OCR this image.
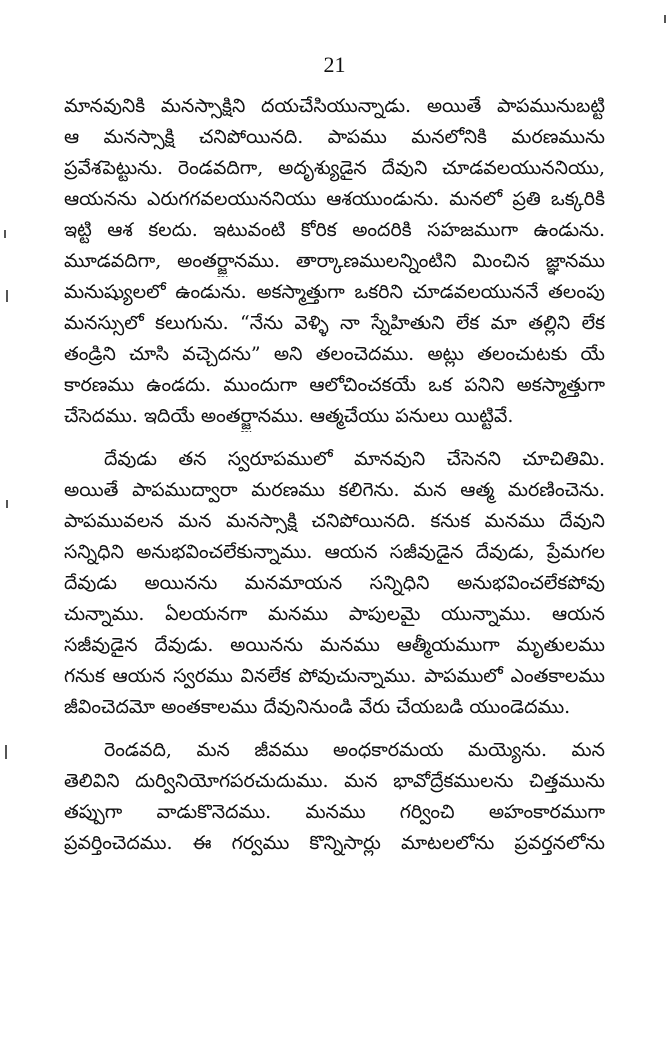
21
మానవునికి మనస్సాక్షిని దయచేసియున్నాడు. అయితే పాపమునుబట్టి
ఆ మనస్సాక్షి చనిపోయినది. పాపము మనలోనికి మరణమును
ప్రవేశపెట్టును. రెండవదిగా, అదృశ్యుడైన దేవుని చూడవలయుననియు,
ఆయనను ఎరుగగవలయుననియు ఆశయుండును. మనలో ప్రతి ఒక్కరికి
ఇట్టి ఆశ కలదు. ఇటువంటి కోరిక అందరికి సహజముగా ఉండును.
మూడవదిగా, అంతర్జ్ఞానము. తార్కాణములన్నింటిని మించిన జ్ఞానము
మనుష్యులలో ఉండును. అకస్మాత్తుగా ఒకరిని చూడవలయుననే తలంపు
మనస్సులో కలుగును. “నేను వెళ్ళి నా స్నేహితుని లేక మా తల్లిని లేక
తండ్రిని చూసి వచ్చెదను” అని తలంచెదము. అట్లు తలంచుటకు యే
కారణము ఉండదు. ముందుగా ఆలోచించకయే ఒక పనిని అకస్మాత్తుగా
చేసెదము. ఇదియే అంతర్జ్ఞానము. ఆత్మచేయు పనులు యిట్టివే.
దేవుడు తన స్వరూపములో మానవుని చేసెనని చూచితిమి.
అయితే పాపముద్వారా మరణము కలిగెను. మన ఆత్మ మరణించెను.
పాపమువలన మన మనస్సాక్షి చనిపోయినది. కనుక మనము దేవుని
సన్నిధిని అనుభవించలేకున్నాము. ఆయన సజీవుడైన దేవుడు, ప్రేమగల
దేవుడు అయినను మనమాయన సన్నిధిని అనుభవించలేకపోవు
చున్నాము. ఏలయనగా మనము పాపులమై యున్నాము. ఆయన
సజీవుడైన దేవుడు. అయినను మనము ఆత్మీయముగా మృతులము
గనుక ఆయన స్వరము వినలేక పోవుచున్నాము. పాపములో ఎంతకాలము
జీవించెదమో అంతకాలము దేవునినుండి వేరు చేయబడి యుండెదము.
రెండవది, మన జీవము అంధకారమయ మయ్యెను. మన
తెలివిని దుర్వినియోగపరచుదుము. మన భావోద్రేకములను చిత్తమును
తప్పుగా వాడుకొనెదము. మనము గర్వించి అహంకారముగా
ప్రవర్తించెదము. ఈ గర్వము కొన్నిసార్లు మాటలలోను ప్రవర్తనలోను
